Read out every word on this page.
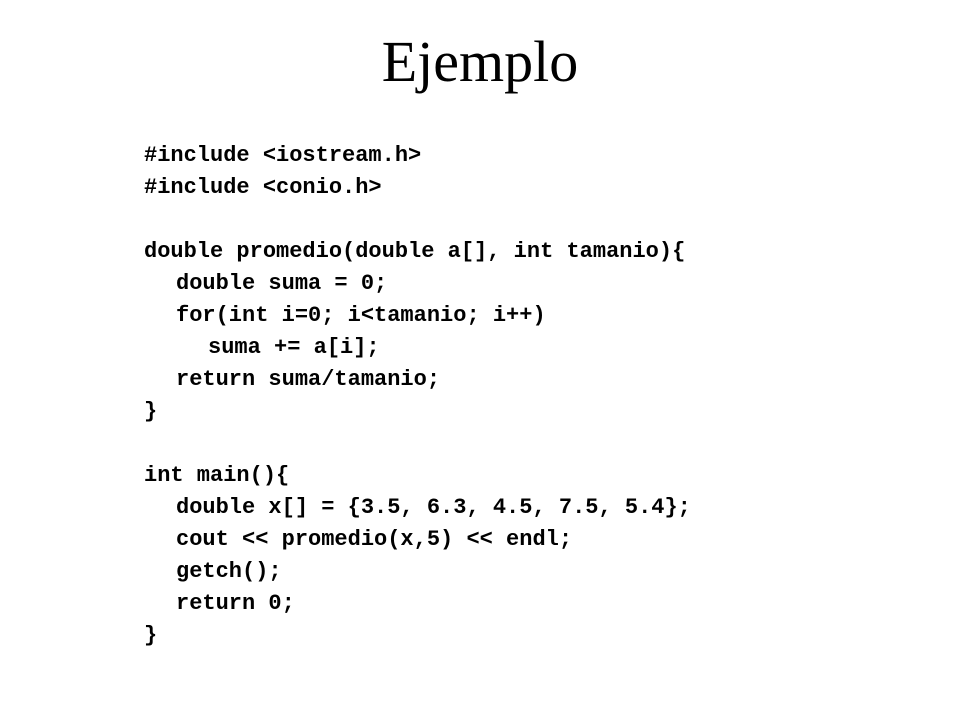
Ejemplo
#include <iostream.h>
#include <conio.h>
double promedio(double a[], int tamanio){
double suma = 0;
for(int i=0; i<tamanio; i++)
suma += a[i];
return suma/tamanio;
}
int main(){
double x[] = {3.5, 6.3, 4.5, 7.5, 5.4};
cout << promedio(x,5) << endl;
getch();
return 0;
}
